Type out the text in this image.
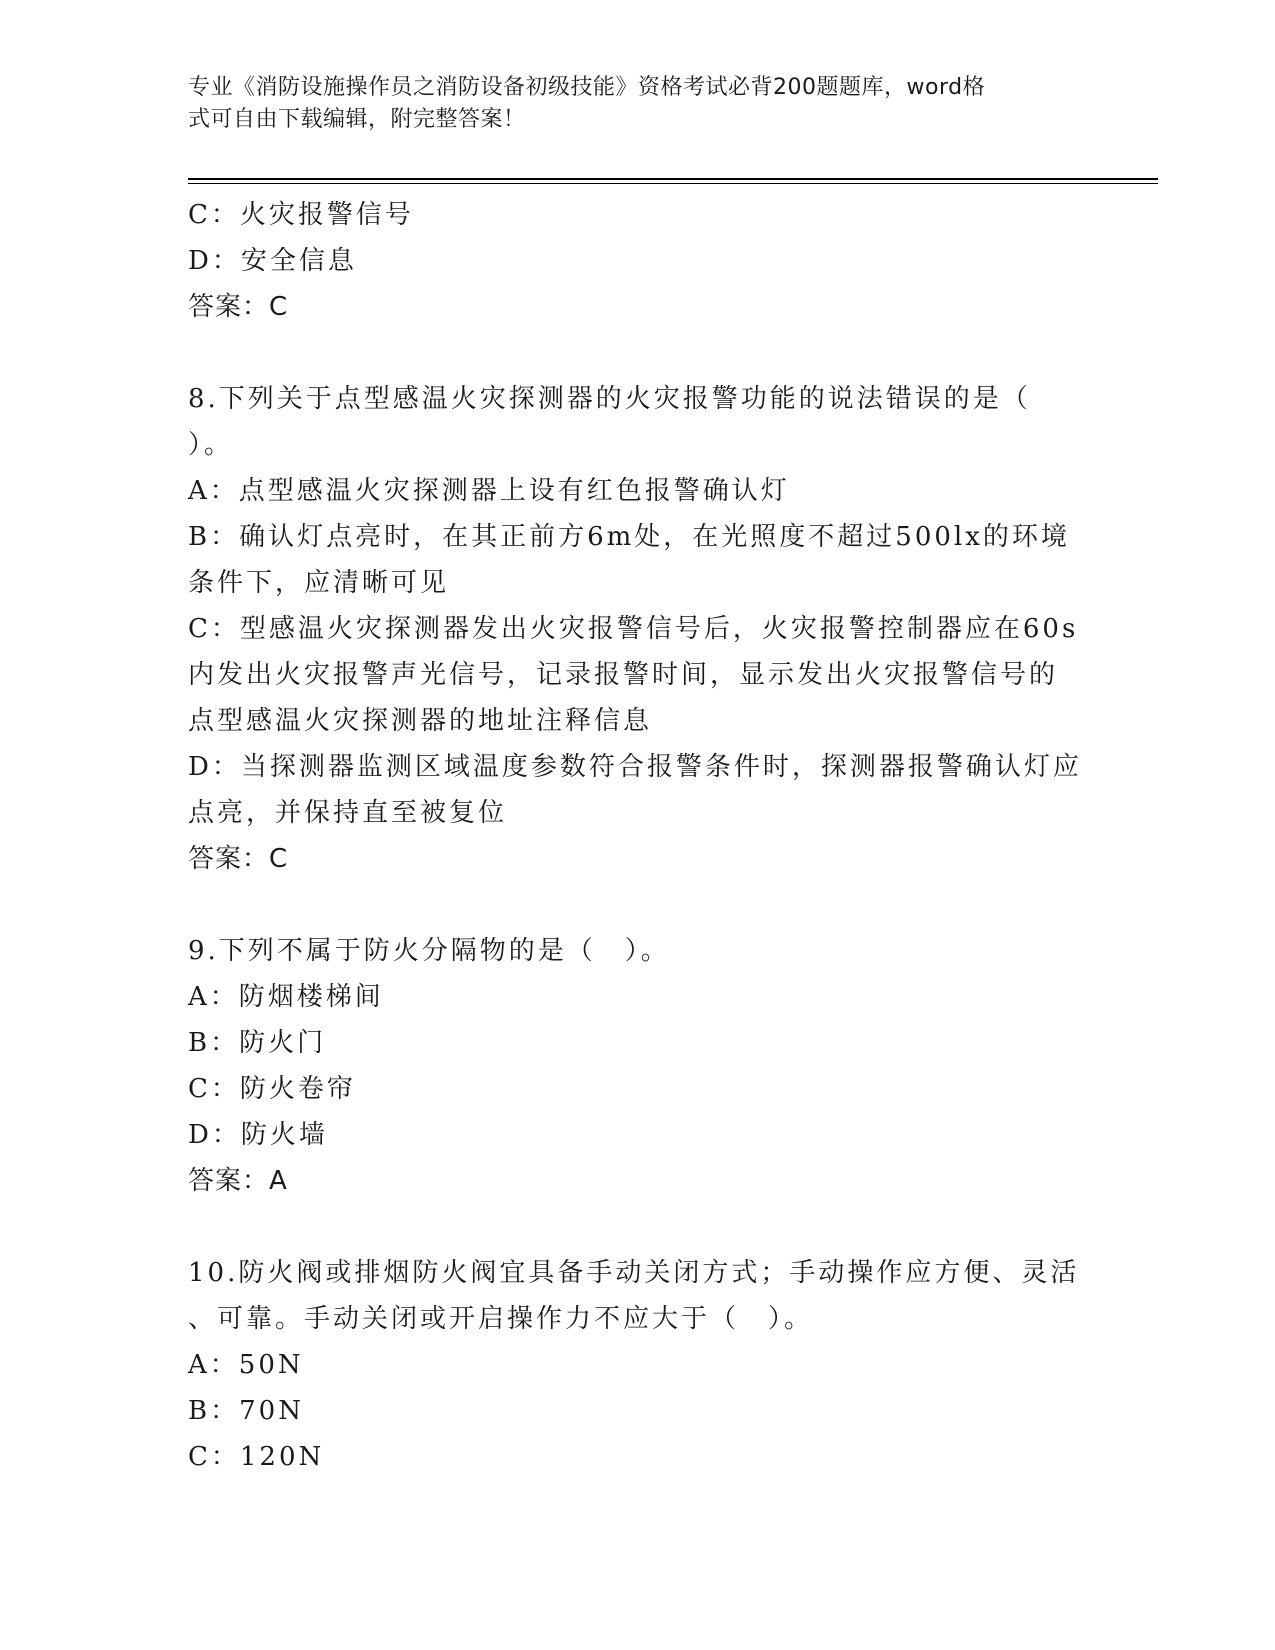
专业《消防设施操作员之消防设备初级技能》资格考试必背200题题库，word格
式可自由下载编辑，附完整答案！
C：火灾报警信号
D：安全信息
答案：C
8.下列关于点型感温火灾探测器的火灾报警功能的说法错误的是（
）。
A：点型感温火灾探测器上设有红色报警确认灯
B：确认灯点亮时，在其正前方6m处，在光照度不超过500lx的环境
条件下，应清晰可见
C：型感温火灾探测器发出火灾报警信号后，火灾报警控制器应在60s
内发出火灾报警声光信号，记录报警时间，显示发出火灾报警信号的
点型感温火灾探测器的地址注释信息
D：当探测器监测区域温度参数符合报警条件时，探测器报警确认灯应
点亮，并保持直至被复位
答案：C
9.下列不属于防火分隔物的是（　）。
A：防烟楼梯间
B：防火门
C：防火卷帘
D：防火墙
答案：A
10.防火阀或排烟防火阀宜具备手动关闭方式；手动操作应方便、灵活
、可靠。手动关闭或开启操作力不应大于（　）。
A：50N
B：70N
C：120N
